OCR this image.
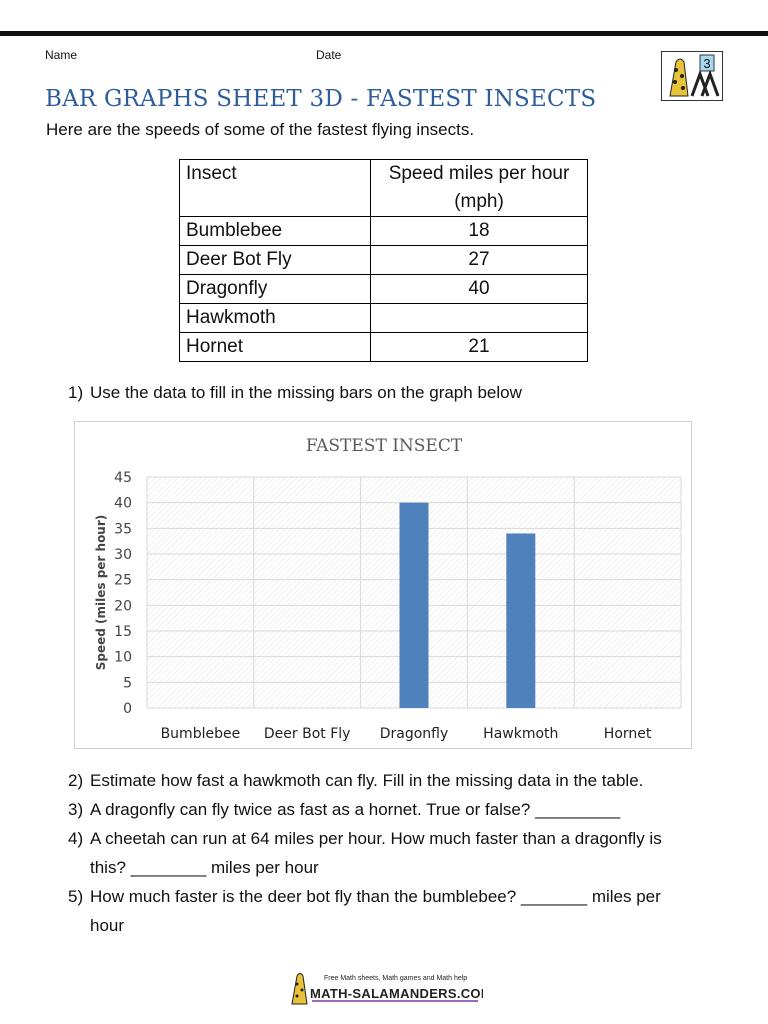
Name	Date
3
BAR GRAPHS SHEET 3D - FASTEST INSECTS
Here are the speeds of some of the fastest flying insects.
Insect	Speed miles per hour (mph)
Bumblebee	18
Deer Bot Fly	27
Dragonfly	40
Hawkmoth	
Hornet	21
1) Use the data to fill in the missing bars on the graph below
FASTEST INSECT
0
5
10
15
20
25
30
35
40
45
Bumblebee Deer Bot Fly Dragonfly Hawkmoth	Hornet
Speed (miles per hour)
2) Estimate how fast a hawkmoth can fly. Fill in the missing data in the table.
3) A dragonfly can fly twice as fast as a hornet. True or false? _________
4) A cheetah can run at 64 miles per hour. How much faster than a dragonfly is
this? ________ miles per hour
5) How much faster is the deer bot fly than the bumblebee? _______ miles per
hour
Free Math sheets, Math games and Math help
MATH-SALAMANDERS.COM
